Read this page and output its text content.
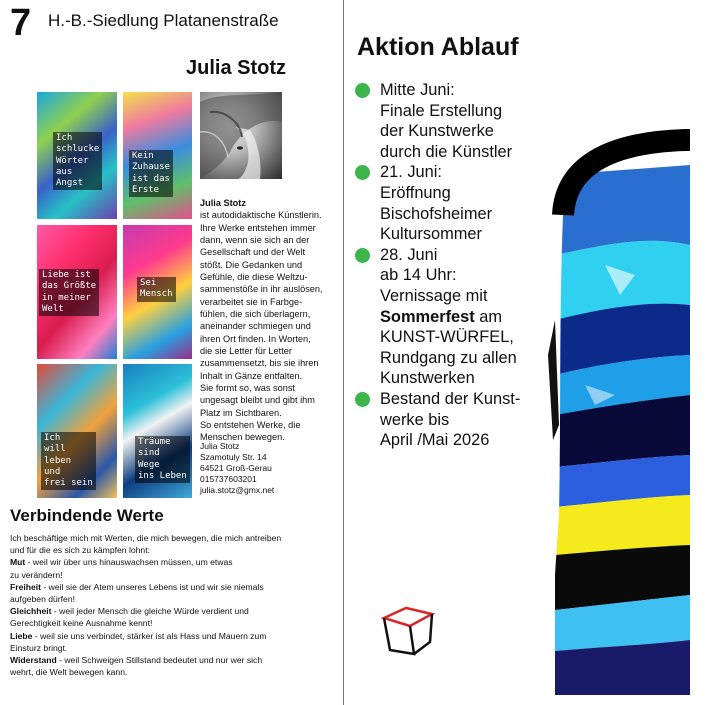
7 H.-B.-Siedlung Platanenstraße
Julia Stotz
Ich
schlucke
Wörter
aus
Angst
Kein
Zuhause
ist das
Erste
Liebe ist
das Größte
in meiner
Welt
Sei
Mensch
Ich
will
leben
und
frei sein
Träume
sind
Wege
ins Leben
Julia Stotz
ist autodidaktische Künstlerin.
Ihre Werke entstehen immer
dann, wenn sie sich an der
Gesellschaft und der Welt
stößt. Die Gedanken und
Gefühle, die diese Weltzu-
sammenstöße in ihr auslösen,
verarbeitet sie in Farbge-
fühlen, die sich überlagern,
aneinander schmiegen und
ihren Ort finden. In Worten,
die sie Letter für Letter
zusammensetzt, bis sie ihren
Inhalt in Gänze entfalten.
Sie formt so, was sonst
ungesagt bleibt und gibt ihm
Platz im Sichtbaren.
So entstehen Werke, die
Menschen bewegen.
Julia Stotz
Szamotuly Str. 14
64521 Groß-Gerau
015737603201
julia.stotz@gmx.net
Verbindende Werte
Ich beschäftige mich mit Werten, die mich bewegen, die mich antreiben
und für die es sich zu kämpfen lohnt:
Mut - weil wir über uns hinauswachsen müssen, um etwas
zu verändern!
Freiheit - weil sie der Atem unseres Lebens ist und wir sie niemals
aufgeben dürfen!
Gleichheit - weil jeder Mensch die gleiche Würde verdient und
Gerechtigkeit keine Ausnahme kennt!
Liebe - weil sie uns verbindet, stärker ist als Hass und Mauern zum
Einsturz bringt.
Widerstand - weil Schweigen Stillstand bedeutet und nur wer sich
wehrt, die Welt bewegen kann.
Aktion Ablauf
Mitte Juni:
Finale Erstellung
der Kunstwerke
durch die Künstler
21. Juni:
Eröffnung
Bischofsheimer
Kultursommer
28. Juni
ab 14 Uhr:
Vernissage mit
Sommerfest am
KUNST-WÜRFEL,
Rundgang zu allen
Kunstwerken
Bestand der Kunst-
werke bis
April /Mai 2026
